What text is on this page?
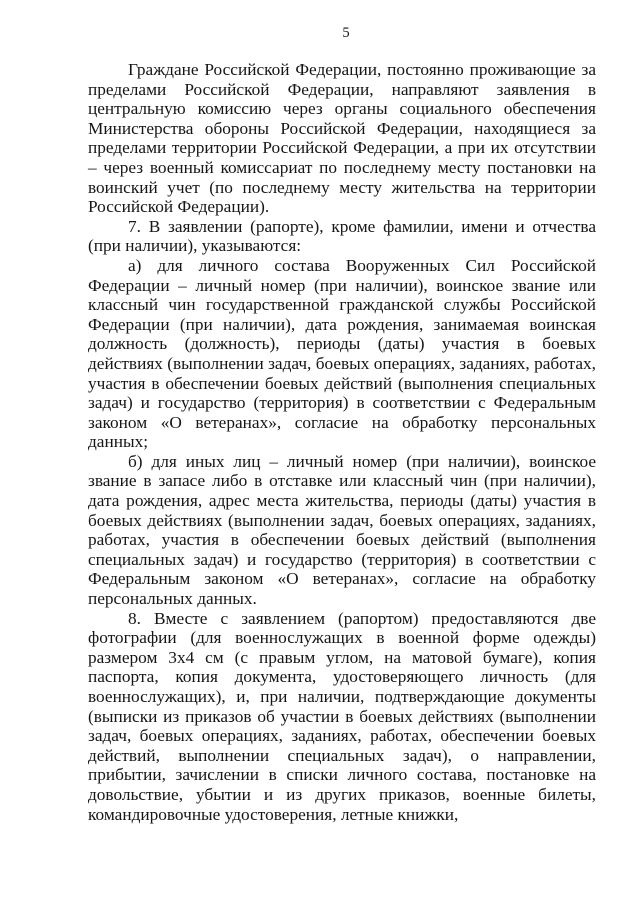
5

Граждане Российской Федерации, постоянно проживающие за пределами Российской Федерации, направляют заявления в центральную комиссию через органы социального обеспечения Министерства обороны Российской Федерации, находящиеся за пределами территории Российской Федерации, а при их отсутствии – через военный комиссариат по последнему месту постановки на воинский учет (по последнему месту жительства на территории Российской Федерации).

7. В заявлении (рапорте), кроме фамилии, имени и отчества (при наличии), указываются:

а) для личного состава Вооруженных Сил Российской Федерации – личный номер (при наличии), воинское звание или классный чин государственной гражданской службы Российской Федерации (при наличии), дата рождения, занимаемая воинская должность (должность), периоды (даты) участия в боевых действиях (выполнении задач, боевых операциях, заданиях, работах, участия в обеспечении боевых действий (выполнения специальных задач) и государство (территория) в соответствии с Федеральным законом «О ветеранах», согласие на обработку персональных данных;

б) для иных лиц – личный номер (при наличии), воинское звание в запасе либо в отставке или классный чин (при наличии), дата рождения, адрес места жительства, периоды (даты) участия в боевых действиях (выполнении задач, боевых операциях, заданиях, работах, участия в обеспечении боевых действий (выполнения специальных задач) и государство (территория) в соответствии с Федеральным законом «О ветеранах», согласие на обработку персональных данных.

8. Вместе с заявлением (рапортом) предоставляются две фотографии (для военнослужащих в военной форме одежды) размером 3х4 см (с правым углом, на матовой бумаге), копия паспорта, копия документа, удостоверяющего личность (для военнослужащих), и, при наличии, подтверждающие документы (выписки из приказов об участии в боевых действиях (выполнении задач, боевых операциях, заданиях, работах, обеспечении боевых действий, выполнении специальных задач), о направлении, прибытии, зачислении в списки личного состава, постановке на довольствие, убытии и из других приказов, военные билеты, командировочные удостоверения, летные книжки,
